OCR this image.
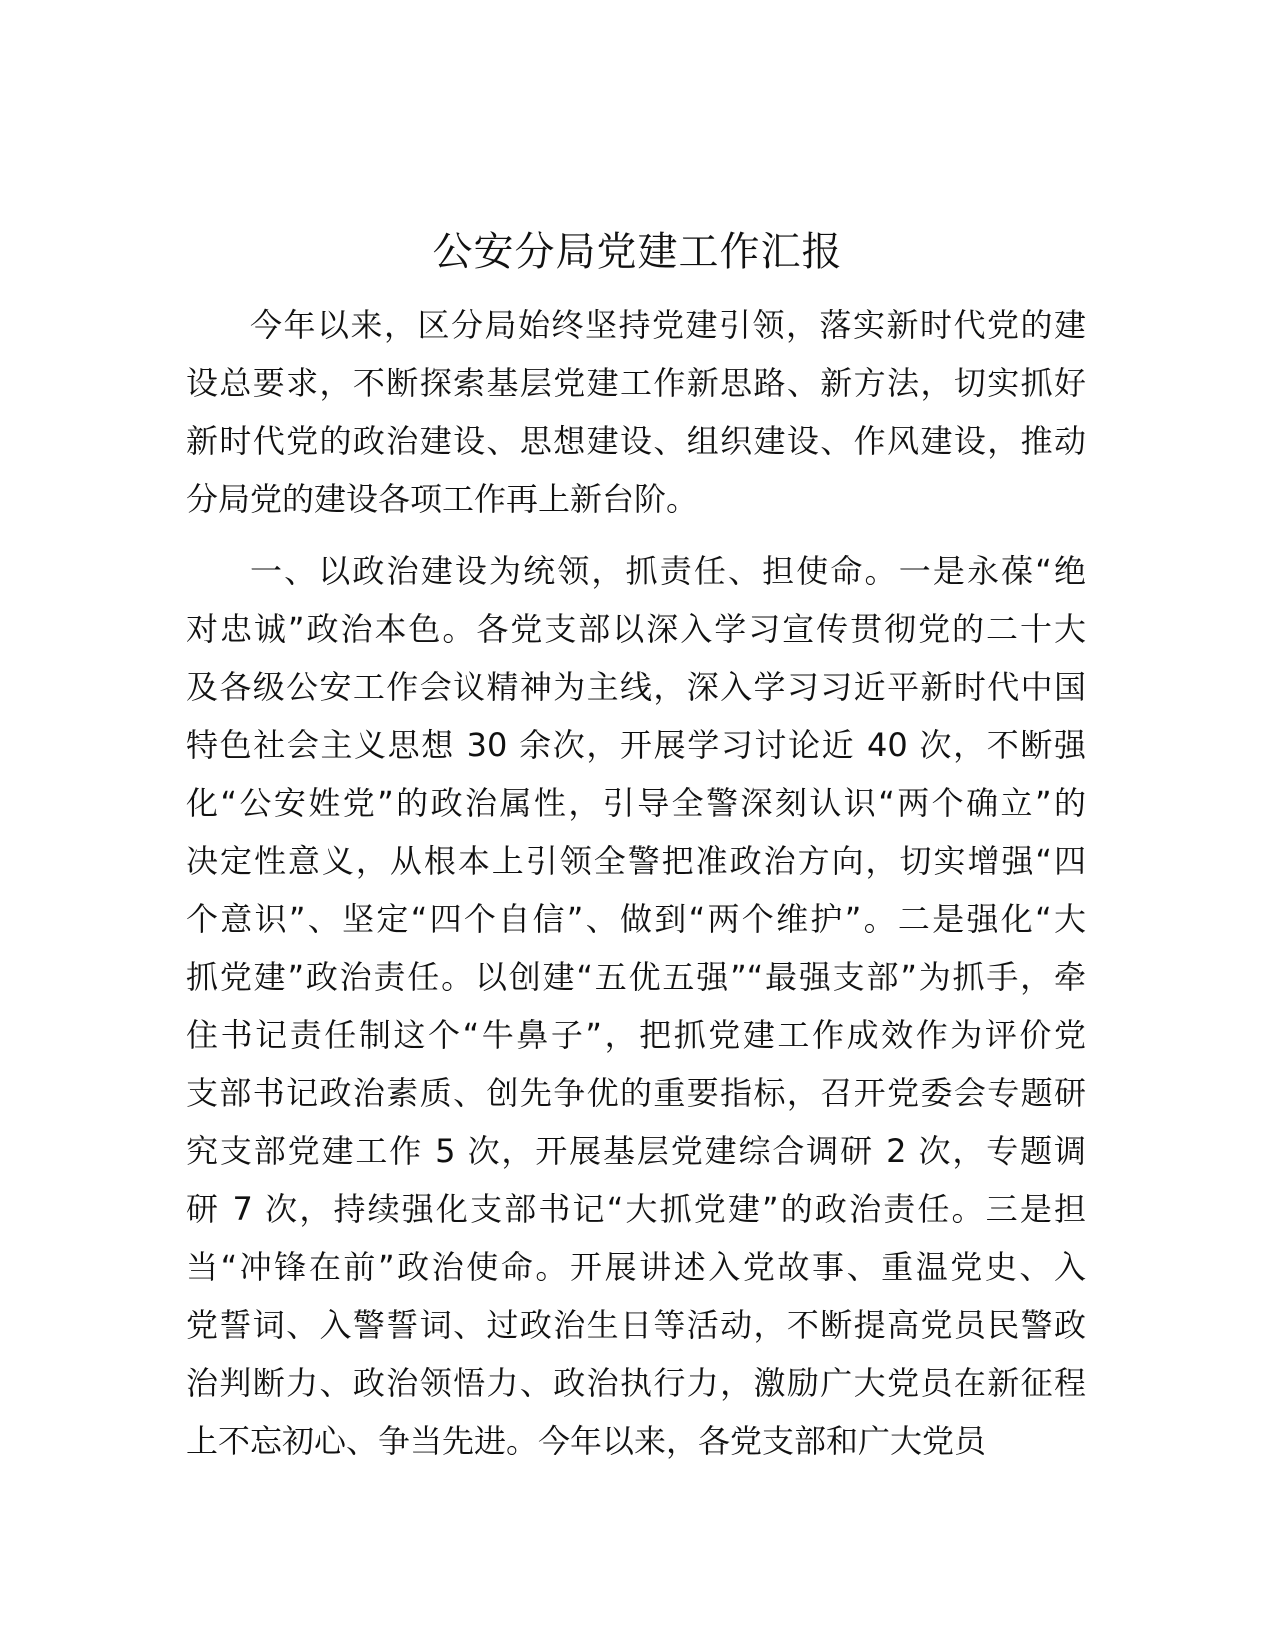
公安分局党建工作汇报
今年以来，区分局始终坚持党建引领，落实新时代党的建
设总要求，不断探索基层党建工作新思路、新方法，切实抓好
新时代党的政治建设、思想建设、组织建设、作风建设，推动
分局党的建设各项工作再上新台阶。
一、以政治建设为统领，抓责任、担使命。一是永葆“绝
对忠诚”政治本色。各党支部以深入学习宣传贯彻党的二十大
及各级公安工作会议精神为主线，深入学习习近平新时代中国
特色社会主义思想 30 余次，开展学习讨论近 40 次，不断强
化“公安姓党”的政治属性，引导全警深刻认识“两个确立”的
决定性意义，从根本上引领全警把准政治方向，切实增强“四
个意识”、坚定“四个自信”、做到“两个维护”。二是强化“大
抓党建”政治责任。以创建“五优五强”“最强支部”为抓手，牵
住书记责任制这个“牛鼻子”，把抓党建工作成效作为评价党
支部书记政治素质、创先争优的重要指标，召开党委会专题研
究支部党建工作 5 次，开展基层党建综合调研 2 次，专题调
研 7 次，持续强化支部书记“大抓党建”的政治责任。三是担
当“冲锋在前”政治使命。开展讲述入党故事、重温党史、入
党誓词、入警誓词、过政治生日等活动，不断提高党员民警政
治判断力、政治领悟力、政治执行力，激励广大党员在新征程
上不忘初心、争当先进。今年以来，各党支部和广大党员
